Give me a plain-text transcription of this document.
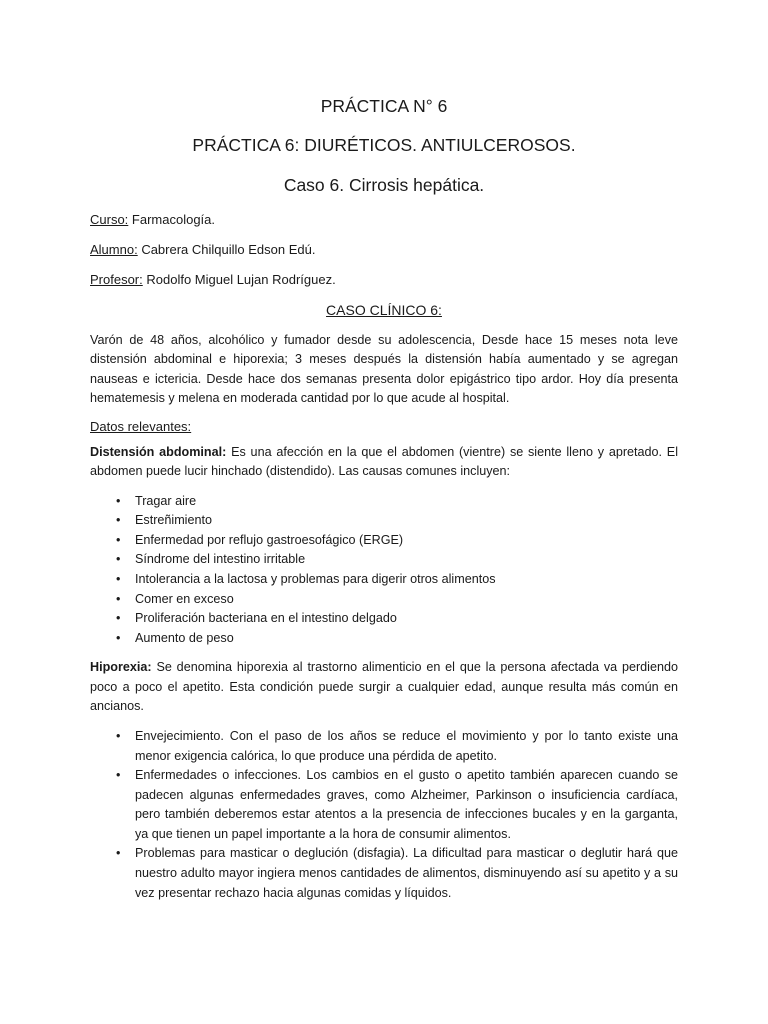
PRÁCTICA N° 6

PRÁCTICA 6: DIURÉTICOS. ANTIULCEROSOS.

Caso 6. Cirrosis hepática.

Curso: Farmacología.

Alumno: Cabrera Chilquillo Edson Edú.

Profesor: Rodolfo Miguel Lujan Rodríguez.

CASO CLÍNICO 6:

Varón de 48 años, alcohólico y fumador desde su adolescencia, Desde hace 15 meses nota leve distensión abdominal e hiporexia; 3 meses después la distensión había aumentado y se agregan nauseas e ictericia. Desde hace dos semanas presenta dolor epigástrico tipo ardor. Hoy día presenta hematemesis y melena en moderada cantidad por lo que acude al hospital.

Datos relevantes:

Distensión abdominal: Es una afección en la que el abdomen (vientre) se siente lleno y apretado. El abdomen puede lucir hinchado (distendido). Las causas comunes incluyen:

• Tragar aire
• Estreñimiento
• Enfermedad por reflujo gastroesofágico (ERGE)
• Síndrome del intestino irritable
• Intolerancia a la lactosa y problemas para digerir otros alimentos
• Comer en exceso
• Proliferación bacteriana en el intestino delgado
• Aumento de peso

Hiporexia: Se denomina hiporexia al trastorno alimenticio en el que la persona afectada va perdiendo poco a poco el apetito. Esta condición puede surgir a cualquier edad, aunque resulta más común en ancianos.

• Envejecimiento. Con el paso de los años se reduce el movimiento y por lo tanto existe una menor exigencia calórica, lo que produce una pérdida de apetito.
• Enfermedades o infecciones. Los cambios en el gusto o apetito también aparecen cuando se padecen algunas enfermedades graves, como Alzheimer, Parkinson o insuficiencia cardíaca, pero también deberemos estar atentos a la presencia de infecciones bucales y en la garganta, ya que tienen un papel importante a la hora de consumir alimentos.
• Problemas para masticar o deglución (disfagia). La dificultad para masticar o deglutir hará que nuestro adulto mayor ingiera menos cantidades de alimentos, disminuyendo así su apetito y a su vez presentar rechazo hacia algunas comidas y líquidos.
